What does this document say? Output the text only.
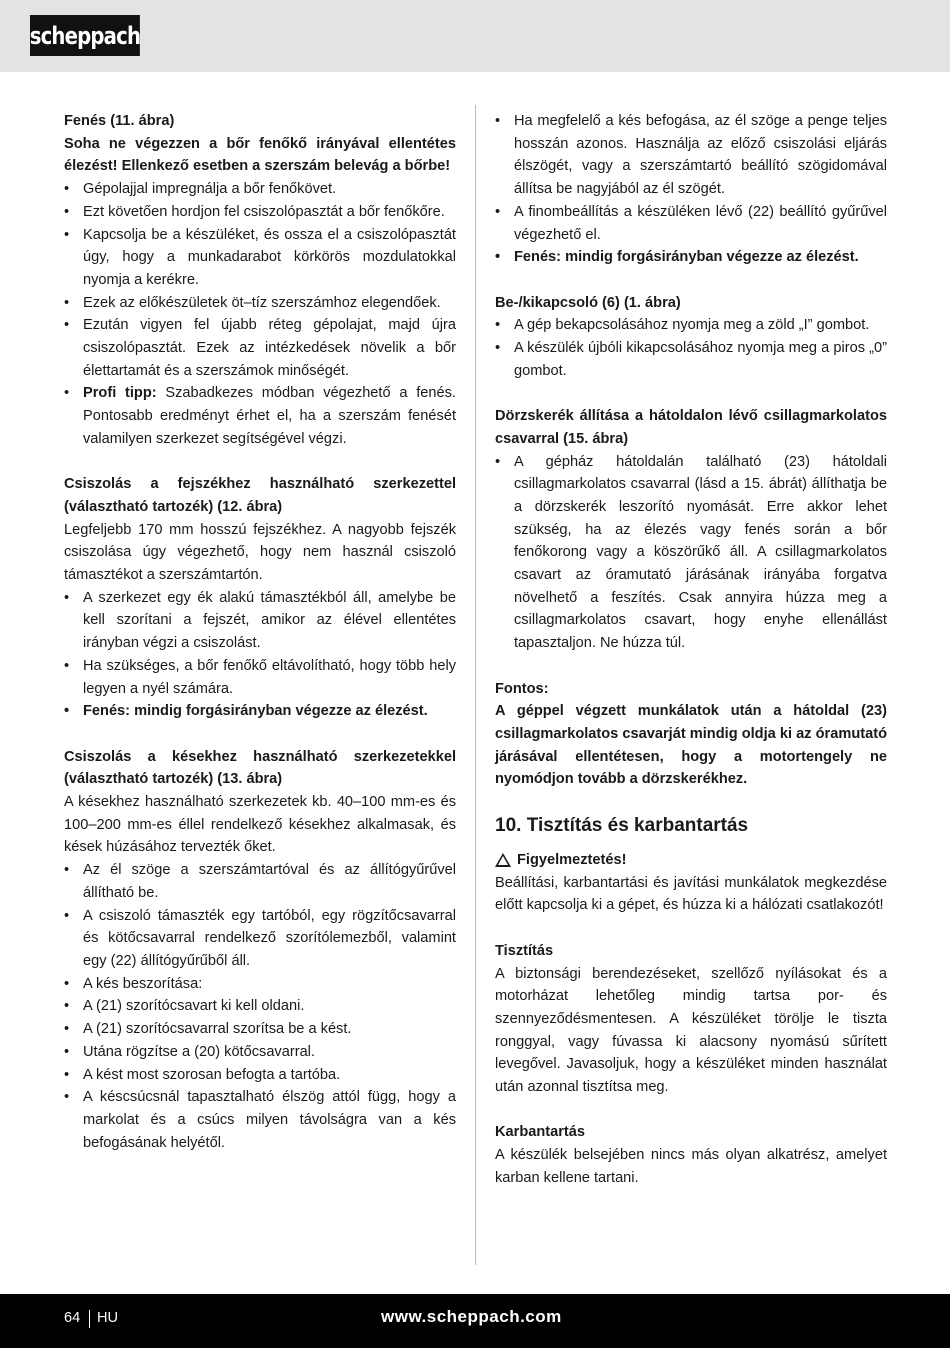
scheppach

Fenés (11. ábra)

Soha ne végezzen a bőr fenőkő irányával ellentétes élezést! Ellenkező esetben a szerszám belevág a bőrbe!

• Gépolajjal impregnálja a bőr fenőkövet.
• Ezt követően hordjon fel csiszolópasztát a bőr fenőkőre.
• Kapcsolja be a készüléket, és ossza el a csiszolópasztát úgy, hogy a munkadarabot körkörös mozdulatokkal nyomja a kerékre.
• Ezek az előkészületek öt–tíz szerszámhoz elegendőek.
• Ezután vigyen fel újabb réteg gépolajat, majd újra csiszolópasztát. Ezek az intézkedések növelik a bőr élettartamát és a szerszámok minőségét.
• Profi tipp: Szabadkezes módban végezhető a fenés. Pontosabb eredményt érhet el, ha a szerszám fenését valamilyen szerkezet segítségével végzi.

Csiszolás a fejszékhez használható szerkezettel (választható tartozék) (12. ábra)

Legfeljebb 170 mm hosszú fejszékhez. A nagyobb fejszék csiszolása úgy végezhető, hogy nem használ csiszoló támasztékot a szerszámtartón.

• A szerkezet egy ék alakú támasztékból áll, amelybe be kell szorítani a fejszét, amikor az élével ellentétes irányban végzi a csiszolást.
• Ha szükséges, a bőr fenőkő eltávolítható, hogy több hely legyen a nyél számára.
• Fenés: mindig forgásirányban végezze az élezést.

Csiszolás a késekhez használható szerkezetekkel (választható tartozék) (13. ábra)

A késekhez használható szerkezetek kb. 40–100 mm-es és 100–200 mm-es éllel rendelkező késekhez alkalmasak, és kések húzásához tervezték őket.

• Az él szöge a szerszámtartóval és az állítógyűrűvel állítható be.
• A csiszoló támaszték egy tartóból, egy rögzítőcsavarral és kötőcsavarral rendelkező szorítólemezből, valamint egy (22) állítógyűrűből áll.
• A kés beszorítása:
• A (21) szorítócsavart ki kell oldani.
• A (21) szorítócsavarral szorítsa be a kést.
• Utána rögzítse a (20) kötőcsavarral.
• A kést most szorosan befogta a tartóba.
• A késcsúcsnál tapasztalható élszög attól függ, hogy a markolat és a csúcs milyen távolságra van a kés befogásának helyétől.
• Ha megfelelő a kés befogása, az él szöge a penge teljes hosszán azonos. Használja az előző csiszolási eljárás élszögét, vagy a szerszámtartó beállító szögidomával állítsa be nagyjából az él szögét.
• A finombeállítás a készüléken lévő (22) beállító gyűrűvel végezhető el.
• Fenés: mindig forgásirányban végezze az élezést.

Be-/kikapcsoló (6) (1. ábra)

• A gép bekapcsolásához nyomja meg a zöld „I” gombot.
• A készülék újbóli kikapcsolásához nyomja meg a piros „0” gombot.

Dörzskerék állítása a hátoldalon lévő csillagmarkolatos csavarral (15. ábra)

• A gépház hátoldalán található (23) hátoldali csillagmarkolatos csavarral (lásd a 15. ábrát) állíthatja be a dörzskerék leszorító nyomását. Erre akkor lehet szükség, ha az élezés vagy fenés során a bőr fenőkorong vagy a köszörűkő áll. A csillagmarkolatos csavart az óramutató járásának irányába forgatva növelhető a feszítés. Csak annyira húzza meg a csillagmarkolatos csavart, hogy enyhe ellenállást tapasztaljon. Ne húzza túl.

Fontos:

A géppel végzett munkálatok után a hátoldal (23) csillagmarkolatos csavarját mindig oldja ki az óramutató járásával ellentétesen, hogy a motortengely ne nyomódjon tovább a dörzskerékhez.

10. Tisztítás és karbantartás

Figyelmeztetés!

Beállítási, karbantartási és javítási munkálatok megkezdése előtt kapcsolja ki a gépet, és húzza ki a hálózati csatlakozót!

Tisztítás

A biztonsági berendezéseket, szellőző nyílásokat és a motorházat lehetőleg mindig tartsa por- és szennyeződésmentesen. A készüléket törölje le tiszta ronggyal, vagy fúvassa ki alacsony nyomású sűrített levegővel. Javasoljuk, hogy a készüléket minden használat után azonnal tisztítsa meg.

Karbantartás

A készülék belsejében nincs más olyan alkatrész, amelyet karban kellene tartani.

64 HU	www.scheppach.com
